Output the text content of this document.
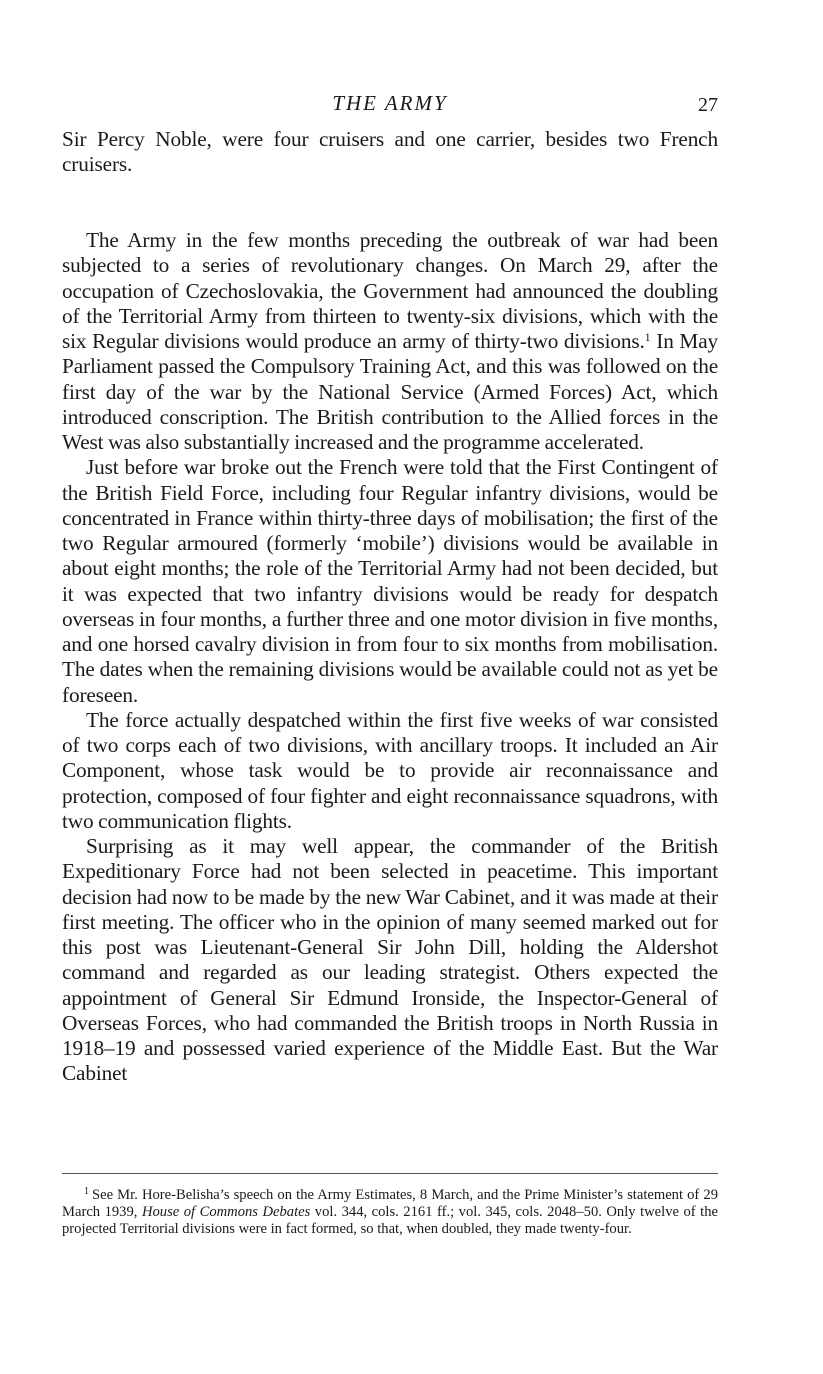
THE ARMY	27

Sir Percy Noble, were four cruisers and one carrier, besides two French cruisers.

The Army in the few months preceding the outbreak of war had been subjected to a series of revolutionary changes. On March 29, after the occupation of Czechoslovakia, the Government had announced the doubling of the Territorial Army from thirteen to twenty-six divisions, which with the six Regular divisions would produce an army of thirty-two divisions.$^1$ In May Parliament passed the Compulsory Training Act, and this was followed on the first day of the war by the National Service (Armed Forces) Act, which introduced conscription. The British contribution to the Allied forces in the West was also substantially increased and the programme accelerated.

Just before war broke out the French were told that the First Contingent of the British Field Force, including four Regular infantry divisions, would be concentrated in France within thirty-three days of mobilisation; the first of the two Regular armoured (formerly ‘mobile’) divisions would be available in about eight months; the role of the Territorial Army had not been decided, but it was expected that two infantry divisions would be ready for despatch overseas in four months, a further three and one motor division in five months, and one horsed cavalry division in from four to six months from mobilisation. The dates when the remaining divisions would be available could not as yet be foreseen.

The force actually despatched within the first five weeks of war consisted of two corps each of two divisions, with ancillary troops. It included an Air Component, whose task would be to provide air reconnaissance and protection, composed of four fighter and eight reconnaissance squadrons, with two communication flights.

Surprising as it may well appear, the commander of the British Expeditionary Force had not been selected in peacetime. This important decision had now to be made by the new War Cabinet, and it was made at their first meeting. The officer who in the opinion of many seemed marked out for this post was Lieutenant-General Sir John Dill, holding the Aldershot command and regarded as our leading strategist. Others expected the appointment of General Sir Edmund Ironside, the Inspector-General of Overseas Forces, who had commanded the British troops in North Russia in 1918–19 and possessed varied experience of the Middle East. But the War Cabinet

$^1$ See Mr. Hore-Belisha’s speech on the Army Estimates, 8 March, and the Prime Minister’s statement of 29 March 1939, House of Commons Debates vol. 344, cols. 2161 ff.; vol. 345, cols. 2048–50. Only twelve of the projected Territorial divisions were in fact formed, so that, when doubled, they made twenty-four.
